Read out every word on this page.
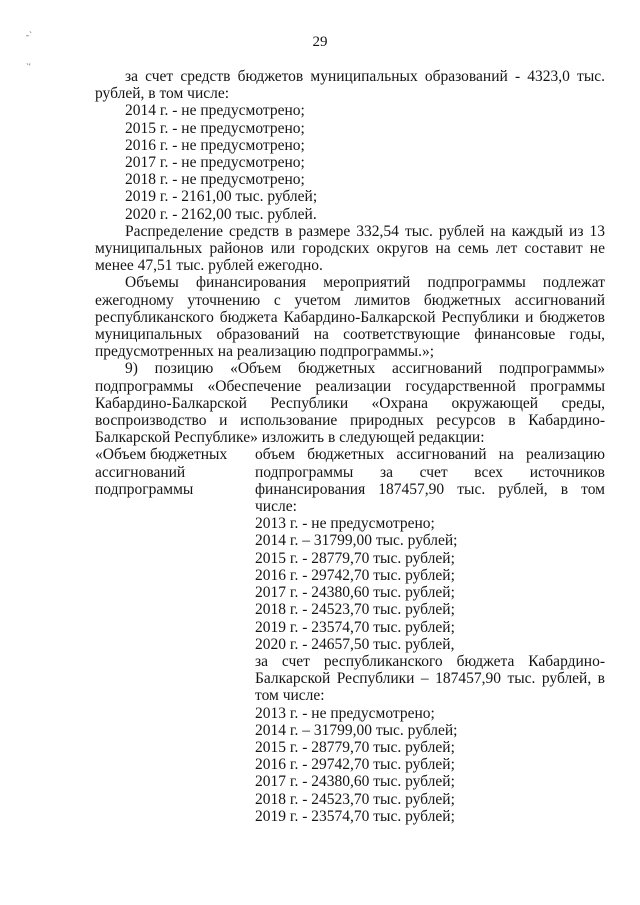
-`
`'
29
за счет средств бюджетов муниципальных образований - 4323,0 тыс.
рублей, в том числе:
2014 г. - не предусмотрено;
2015 г. - не предусмотрено;
2016 г. - не предусмотрено;
2017 г. - не предусмотрено;
2018 г. - не предусмотрено;
2019 г. - 2161,00 тыс. рублей;
2020 г. - 2162,00 тыс. рублей.
Распределение средств в размере 332,54 тыс. рублей на каждый из 13
муниципальных районов или городских округов на семь лет составит не
менее 47,51 тыс. рублей ежегодно.
Объемы финансирования мероприятий подпрограммы подлежат
ежегодному уточнению с учетом лимитов бюджетных ассигнований
республиканского бюджета Кабардино-Балкарской Республики и бюджетов
муниципальных образований на соответствующие финансовые годы,
предусмотренных на реализацию подпрограммы.»;
9) позицию «Объем бюджетных ассигнований подпрограммы»
подпрограммы «Обеспечение реализации государственной программы
Кабардино-Балкарской Республики «Охрана окружающей среды,
воспроизводство и использование природных ресурсов в Кабардино-
Балкарской Республике» изложить в следующей редакции:
«Объем бюджетных
ассигнований
подпрограммы
объем бюджетных ассигнований на реализацию
подпрограммы за счет всех источников
финансирования 187457,90 тыс. рублей, в том
числе:
2013 г. - не предусмотрено;
2014 г. – 31799,00 тыс. рублей;
2015 г. - 28779,70 тыс. рублей;
2016 г. - 29742,70 тыс. рублей;
2017 г. - 24380,60 тыс. рублей;
2018 г. - 24523,70 тыс. рублей;
2019 г. - 23574,70 тыс. рублей;
2020 г. - 24657,50 тыс. рублей,
за счет республиканского бюджета Кабардино-
Балкарской Республики – 187457,90 тыс. рублей, в
том числе:
2013 г. - не предусмотрено;
2014 г. – 31799,00 тыс. рублей;
2015 г. - 28779,70 тыс. рублей;
2016 г. - 29742,70 тыс. рублей;
2017 г. - 24380,60 тыс. рублей;
2018 г. - 24523,70 тыс. рублей;
2019 г. - 23574,70 тыс. рублей;
